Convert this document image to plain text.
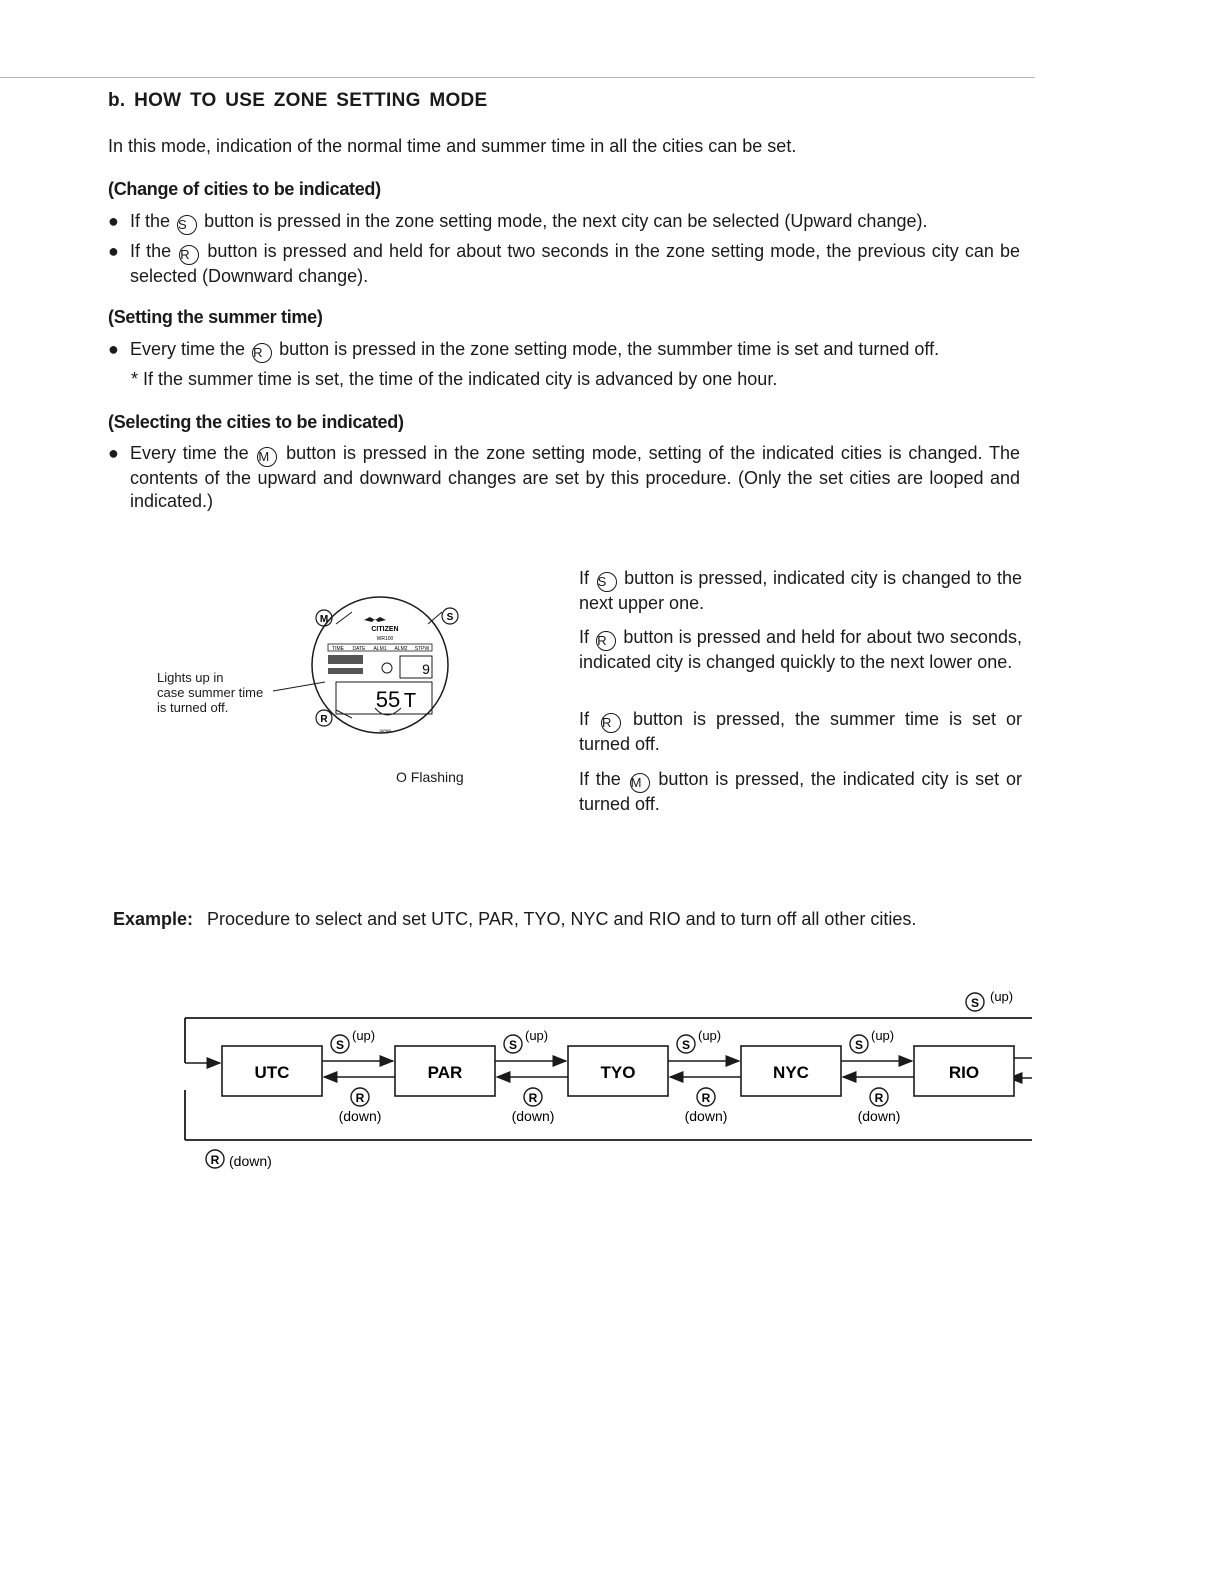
b. HOW TO USE ZONE SETTING MODE
In this mode, indication of the normal time and summer time in all the cities can be set.
(Change of cities to be indicated)
● If the S button is pressed in the zone setting mode, the next city can be selected (Upward change).
● If the R button is pressed and held for about two seconds in the zone setting mode, the previous city can be selected (Downward change).
(Setting the summer time)
● Every time the R button is pressed in the zone setting mode, the summber time is set and turned off.
* If the summer time is set, the time of the indicated city is advanced by one hour.
(Selecting the cities to be indicated)
● Every time the M button is pressed in the zone setting mode, setting of the indicated cities is changed. The contents of the upward and downward changes are set by this procedure. (Only the set cities are looped and indicated.)
Lights up in
case summer time
is turned off.
CITIZEN
WR100
TIME DATE ALM1 ALM2 STPW
9
55 T
JAPAN
M	S
R
O Flashing
If S button is pressed, indicated city is changed to the next upper one.
If R button is pressed and held for about two seconds, indicated city is changed quickly to the next lower one.
If R button is pressed, the summer time is set or turned off.
If the M button is pressed, the indicated city is set or turned off.
Example: Procedure to select and set UTC, PAR, TYO, NYC and RIO and to turn off all other cities.
UTC	PAR	TYO	NYC	RIO
S
(up)
R
(down)
S
(up)
R
(down)
S
(up)
R
(down)
S
(up)
R
(down)
S (up)
R (down)
